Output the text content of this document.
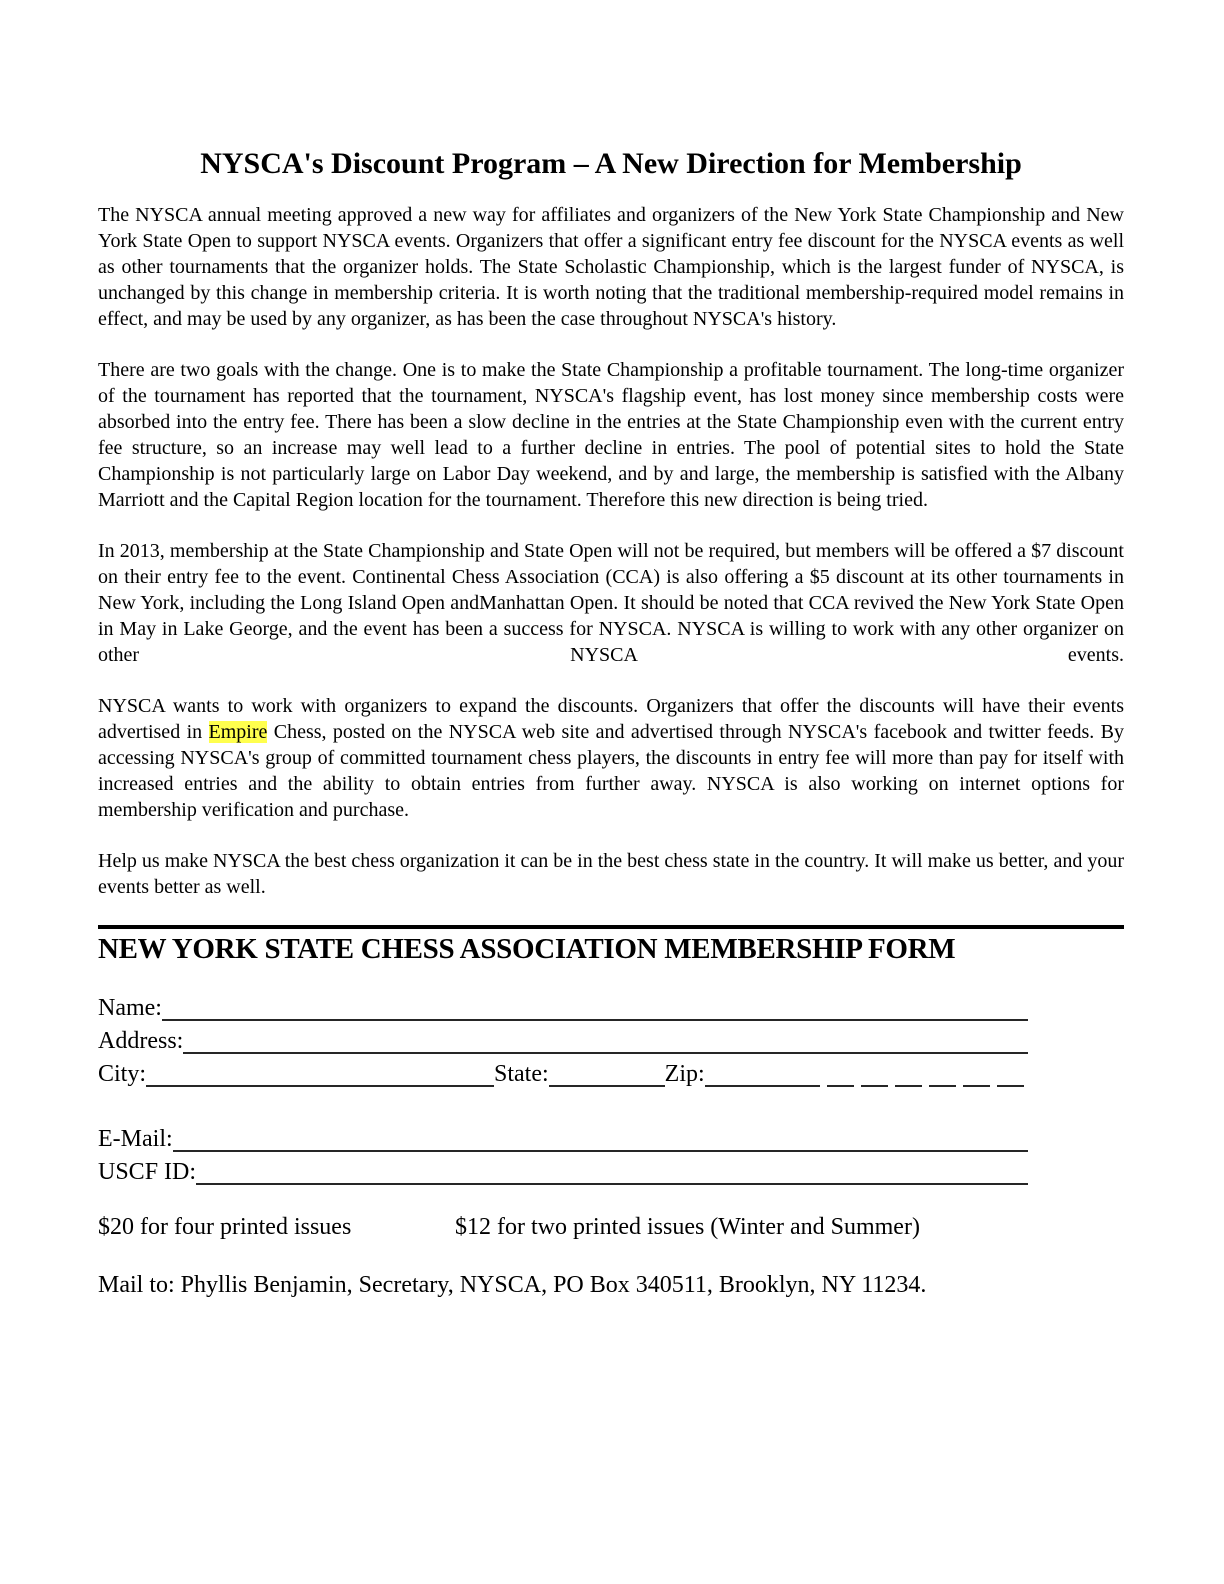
NYSCA's Discount Program – A New Direction for Membership

The NYSCA annual meeting approved a new way for affiliates and organizers of the New York State Championship and New York State Open to support NYSCA events. Organizers that offer a significant entry fee discount for the NYSCA events as well as other tournaments that the organizer holds. The State Scholastic Championship, which is the largest funder of NYSCA, is unchanged by this change in membership criteria. It is worth noting that the traditional membership-required model remains in effect, and may be used by any organizer, as has been the case throughout NYSCA's history.

There are two goals with the change. One is to make the State Championship a profitable tournament. The long-time organizer of the tournament has reported that the tournament, NYSCA's flagship event, has lost money since membership costs were absorbed into the entry fee. There has been a slow decline in the entries at the State Championship even with the current entry fee structure, so an increase may well lead to a further decline in entries. The pool of potential sites to hold the State Championship is not particularly large on Labor Day weekend, and by and large, the membership is satisfied with the Albany Marriott and the Capital Region location for the tournament. Therefore this new direction is being tried.

In 2013, membership at the State Championship and State Open will not be required, but members will be offered a $7 discount on their entry fee to the event. Continental Chess Association (CCA) is also offering a $5 discount at its other tournaments in New York, including the Long Island Open andManhattan Open. It should be noted that CCA revived the New York State Open in May in Lake George, and the event has been a success for NYSCA. NYSCA is willing to work with any other organizer on other NYSCA events.

NYSCA wants to work with organizers to expand the discounts. Organizers that offer the discounts will have their events advertised in Empire Chess, posted on the NYSCA web site and advertised through NYSCA's facebook and twitter feeds. By accessing NYSCA's group of committed tournament chess players, the discounts in entry fee will more than pay for itself with increased entries and the ability to obtain entries from further away. NYSCA is also working on internet options for membership verification and purchase.

Help us make NYSCA the best chess organization it can be in the best chess state in the country. It will make us better, and your events better as well.

NEW YORK STATE CHESS ASSOCIATION MEMBERSHIP FORM
Name:
Address:
City:	State:	Zip:
E-Mail:
USCF ID:
$20 for four printed issues	$12 for two printed issues (Winter and Summer)
Mail to: Phyllis Benjamin, Secretary, NYSCA, PO Box 340511, Brooklyn, NY 11234.
